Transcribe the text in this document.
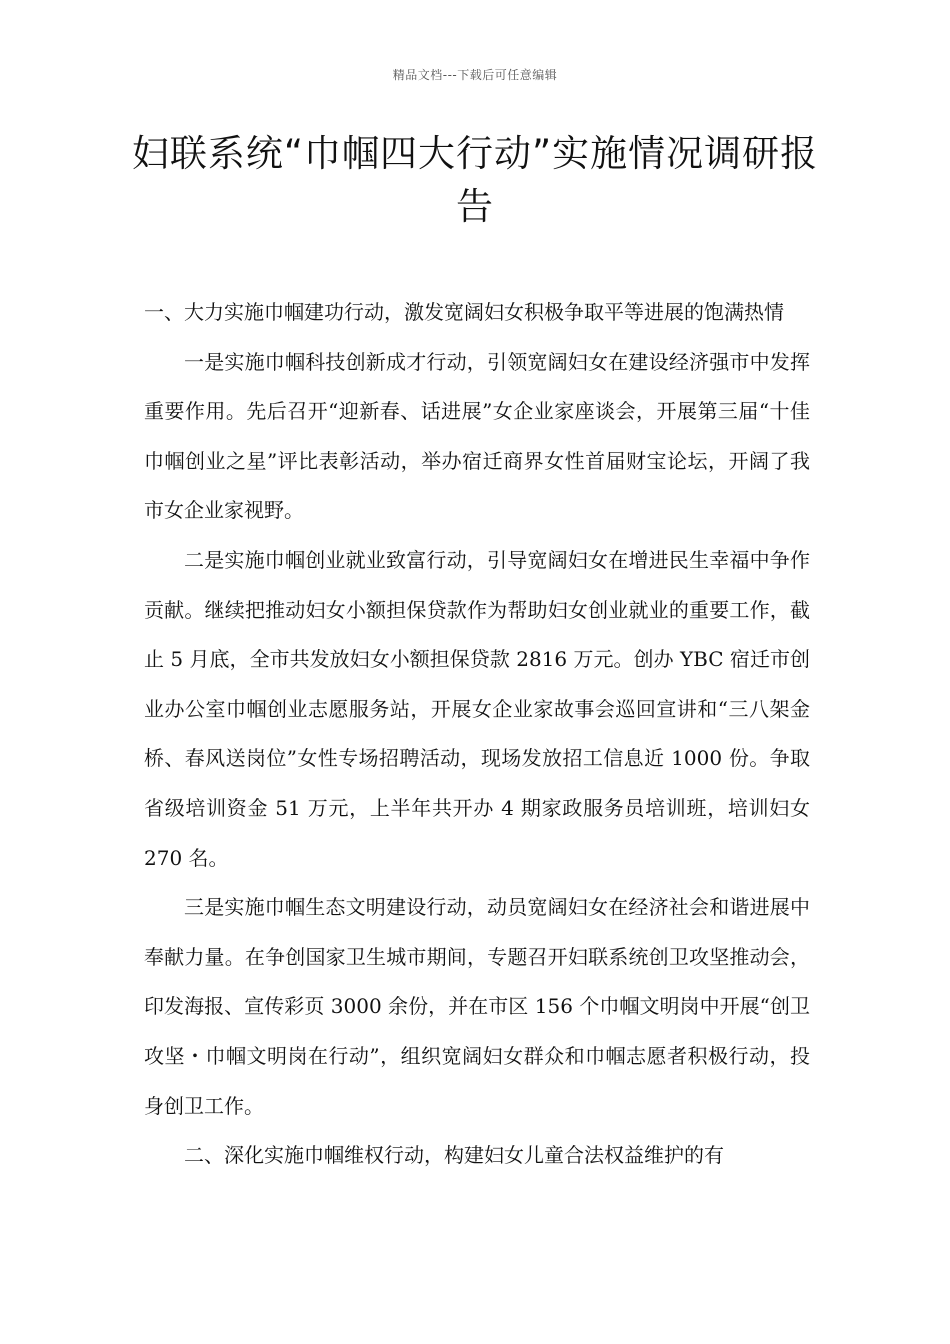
精品文档---下载后可任意编辑
妇联系统“巾帼四大行动”实施情况调研报告

一、大力实施巾帼建功行动，激发宽阔妇女积极争取平等进展的饱满热情

一是实施巾帼科技创新成才行动，引领宽阔妇女在建设经济强市中发挥重要作用。先后召开“迎新春、话进展”女企业家座谈会，开展第三届“十佳巾帼创业之星”评比表彰活动，举办宿迁商界女性首届财宝论坛，开阔了我市女企业家视野。

二是实施巾帼创业就业致富行动，引导宽阔妇女在增进民生幸福中争作贡献。继续把推动妇女小额担保贷款作为帮助妇女创业就业的重要工作，截止 5 月底，全市共发放妇女小额担保贷款 2816 万元。创办 YBC 宿迁市创业办公室巾帼创业志愿服务站，开展女企业家故事会巡回宣讲和“三八架金桥、春风送岗位”女性专场招聘活动，现场发放招工信息近 1000 份。争取省级培训资金 51 万元，上半年共开办 4 期家政服务员培训班，培训妇女 270 名。

三是实施巾帼生态文明建设行动，动员宽阔妇女在经济社会和谐进展中奉献力量。在争创国家卫生城市期间，专题召开妇联系统创卫攻坚推动会，印发海报、宣传彩页 3000 余份，并在市区 156 个巾帼文明岗中开展“创卫攻坚・巾帼文明岗在行动”，组织宽阔妇女群众和巾帼志愿者积极行动，投身创卫工作。

二、深化实施巾帼维权行动，构建妇女儿童合法权益维护的有
